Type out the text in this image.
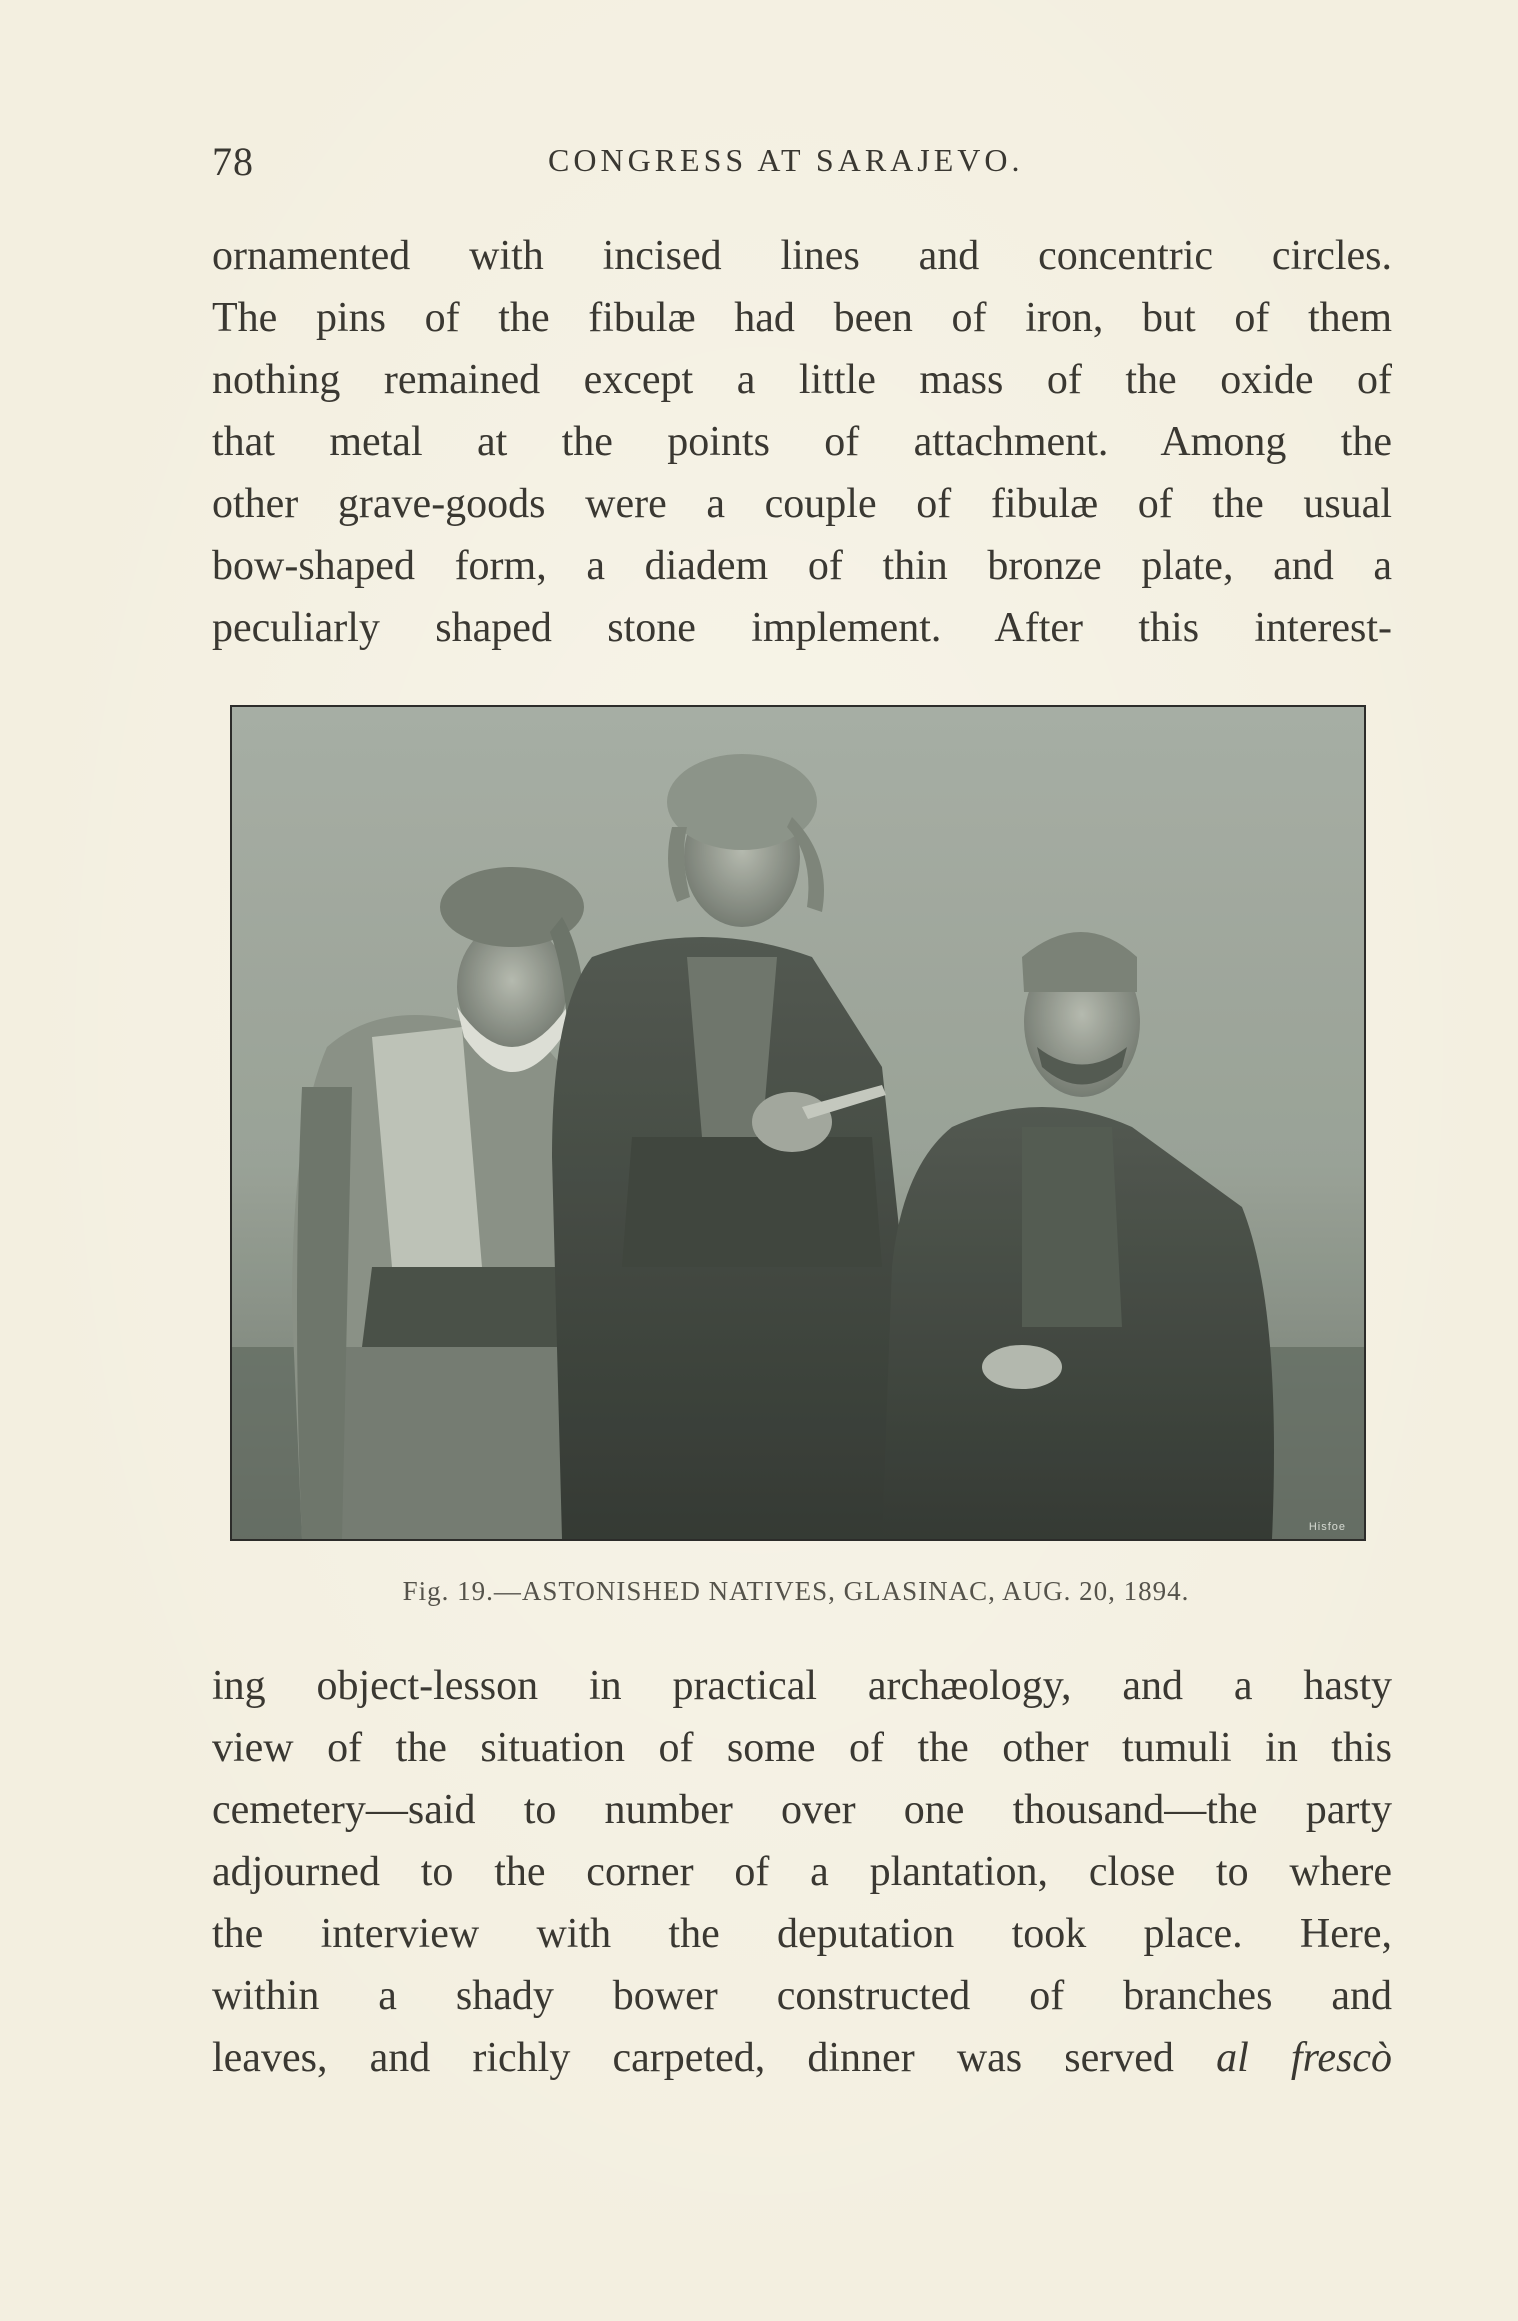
78	CONGRESS AT SARAJEVO.
ornamented with incised lines and concentric circles.
The pins of the fibulæ had been of iron, but of them
nothing remained except a little mass of the oxide of
that metal at the points of attachment. Among the
other grave-goods were a couple of fibulæ of the usual
bow-shaped form, a diadem of thin bronze plate, and a
peculiarly shaped stone implement. After this interest-
Hisfoe
Fig. 19.—ASTONISHED NATIVES, GLASINAC, AUG. 20, 1894.
ing object-lesson in practical archæology, and a hasty
view of the situation of some of the other tumuli in this
cemetery—said to number over one thousand—the party
adjourned to the corner of a plantation, close to where
the interview with the deputation took place. Here,
within a shady bower constructed of branches and
leaves, and richly carpeted, dinner was served al frescò
